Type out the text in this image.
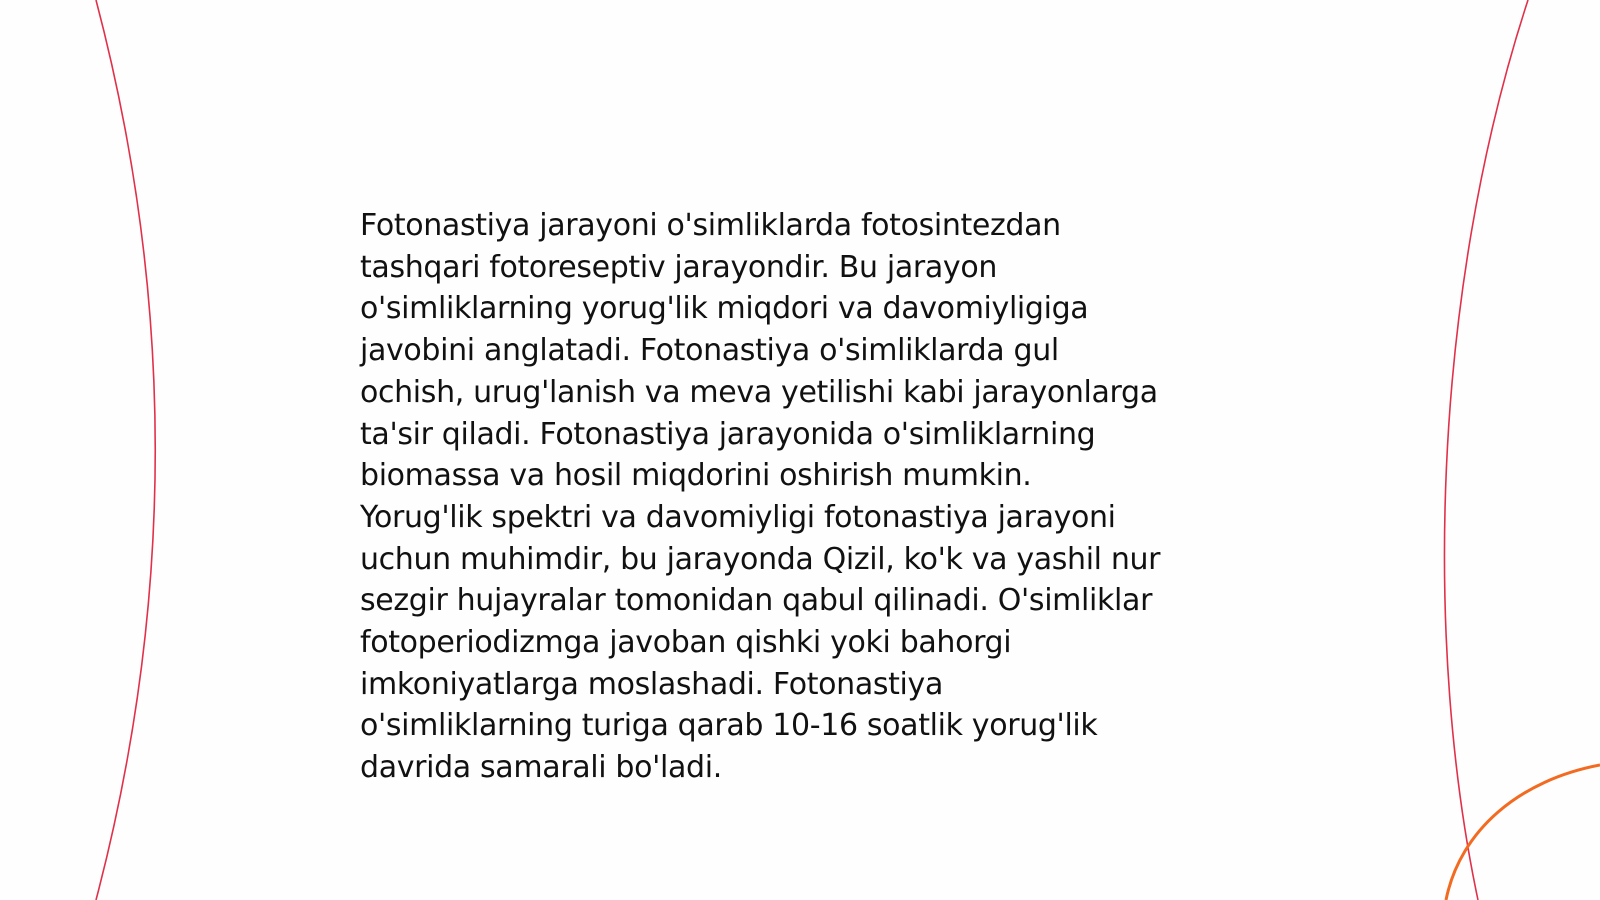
Fotonastiya jarayoni o'simliklarda fotosintezdan
tashqari fotoreseptiv jarayondir. Bu jarayon
o'simliklarning yorug'lik miqdori va davomiyligiga
javobini anglatadi. Fotonastiya o'simliklarda gul
ochish, urug'lanish va meva yetilishi kabi jarayonlarga
ta'sir qiladi. Fotonastiya jarayonida o'simliklarning
biomassa va hosil miqdorini oshirish mumkin.
Yorug'lik spektri va davomiyligi fotonastiya jarayoni
uchun muhimdir, bu jarayonda Qizil, ko'k va yashil nur
sezgir hujayralar tomonidan qabul qilinadi. O'simliklar
fotoperiodizmga javoban qishki yoki bahorgi
imkoniyatlarga moslashadi. Fotonastiya
o'simliklarning turiga qarab 10-16 soatlik yorug'lik
davrida samarali bo'ladi.
